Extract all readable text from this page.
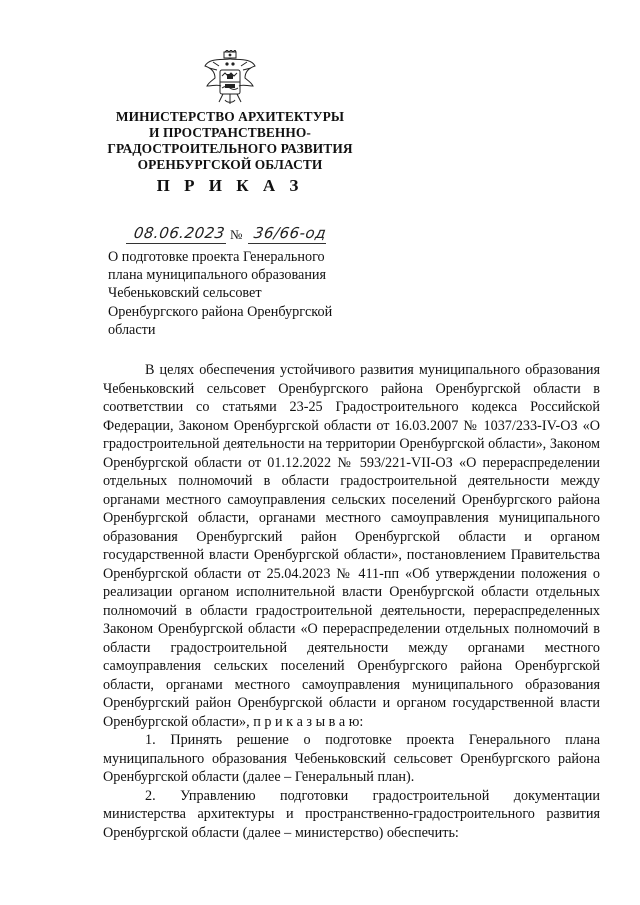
МИНИСТЕРСТВО АРХИТЕКТУРЫ
И ПРОСТРАНСТВЕННО-
ГРАДОСТРОИТЕЛЬНОГО РАЗВИТИЯ
ОРЕНБУРГСКОЙ ОБЛАСТИ
П Р И К А З
08.06.2023 № 36/66-од
О подготовке проекта Генерального
плана муниципального образования
Чебеньковский сельсовет
Оренбургского района Оренбургской
области

В целях обеспечения устойчивого развития муниципального образования Чебеньковский сельсовет Оренбургского района Оренбургской области в соответствии со статьями 23-25 Градостроительного кодекса Российской Федерации, Законом Оренбургской области от 16.03.2007 № 1037/233-IV-ОЗ «О градостроительной деятельности на территории Оренбургской области», Законом Оренбургской области от 01.12.2022 № 593/221-VII-ОЗ «О перераспределении отдельных полномочий в области градостроительной деятельности между органами местного самоуправления сельских поселений Оренбургского района Оренбургской области, органами местного самоуправления муниципального образования Оренбургский район Оренбургской области и органом государственной власти Оренбургской области», постановлением Правительства Оренбургской области от 25.04.2023 № 411-пп «Об утверждении положения о реализации органом исполнительной власти Оренбургской области отдельных полномочий в области градостроительной деятельности, перераспределенных Законом Оренбургской области «О перераспределении отдельных полномочий в области градостроительной деятельности между органами местного самоуправления сельских поселений Оренбургского района Оренбургской области, органами местного самоуправления муниципального образования Оренбургский район Оренбургской области и органом государственной власти Оренбургской области», п р и к а з ы в а ю:

1. Принять решение о подготовке проекта Генерального плана муниципального образования Чебеньковский сельсовет Оренбургского района Оренбургской области (далее – Генеральный план).

2. Управлению подготовки градостроительной документации министерства архитектуры и пространственно-градостроительного развития Оренбургской области (далее – министерство) обеспечить:
